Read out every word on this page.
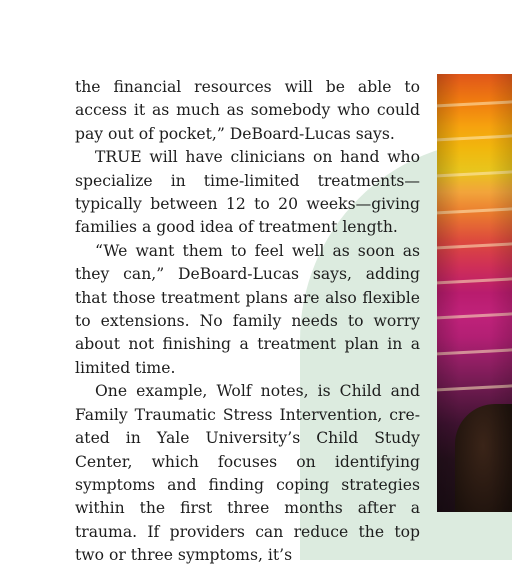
the financial resources will be able to access it as much as somebody who could pay out of pocket,” DeBoard-Lucas says.

TRUE will have clinicians on hand who specialize in time-limited treatments—typically between 12 to 20 weeks—giving families a good idea of treatment length.

“We want them to feel well as soon as they can,” DeBoard-Lucas says, adding that those treatment plans are also flexible to extensions. No family needs to worry about not finishing a treatment plan in a limited time.

One example, Wolf notes, is Child and Family Traumatic Stress Intervention, created in Yale University’s Child Study Center, which focuses on identifying symptoms and finding coping strategies within the first three months after a trauma. If providers can reduce the top two or three symptoms, it’s
